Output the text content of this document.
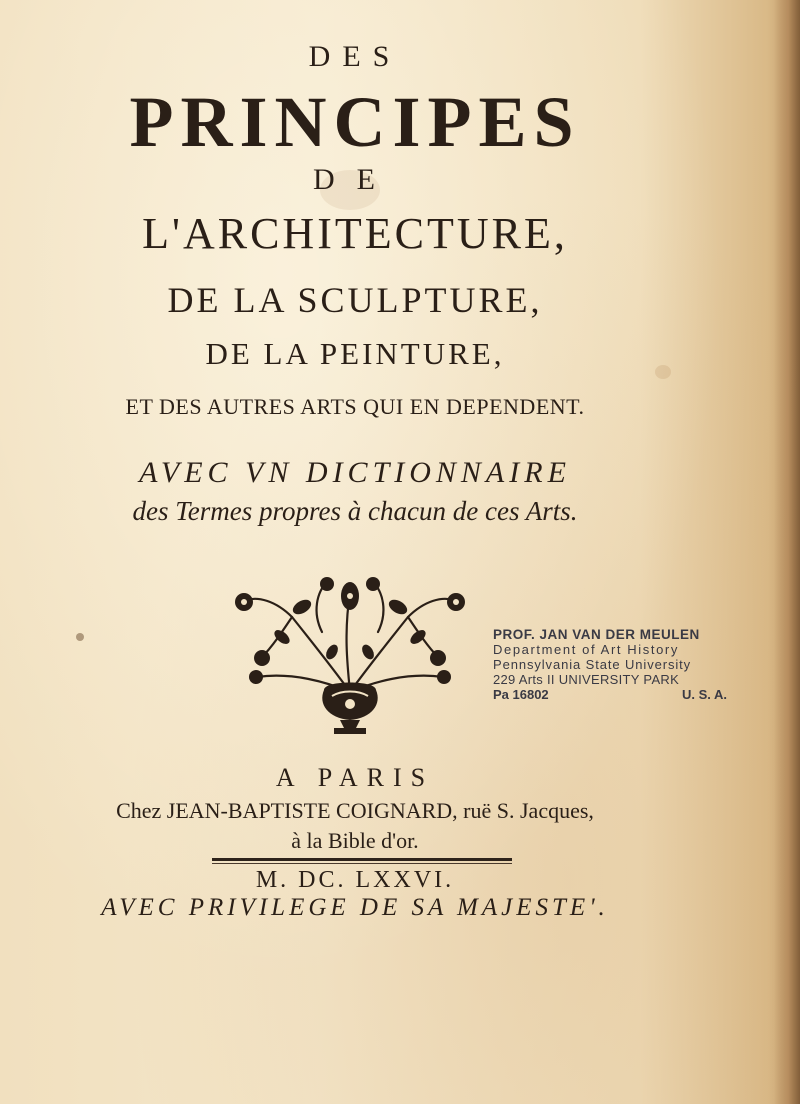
DES
PRINCIPES
DE
L'ARCHITECTURE,
DE LA SCULPTURE,
DE LA PEINTURE,
ET DES AUTRES ARTS QUI EN DEPENDENT.
AVEC VN DICTIONNAIRE
des Termes propres à chacun de ces Arts.
PROF. JAN VAN DER MEULEN
Department of Art History
Pennsylvania State University
229 Arts II UNIVERSITY PARK
Pa 16802	U. S. A.
A PARIS
Chez JEAN-BAPTISTE COIGNARD, ruë S. Jacques,
à la Bible d'or.
M. DC. LXXVI.
AVEC PRIVILEGE DE SA MAJESTE'.
